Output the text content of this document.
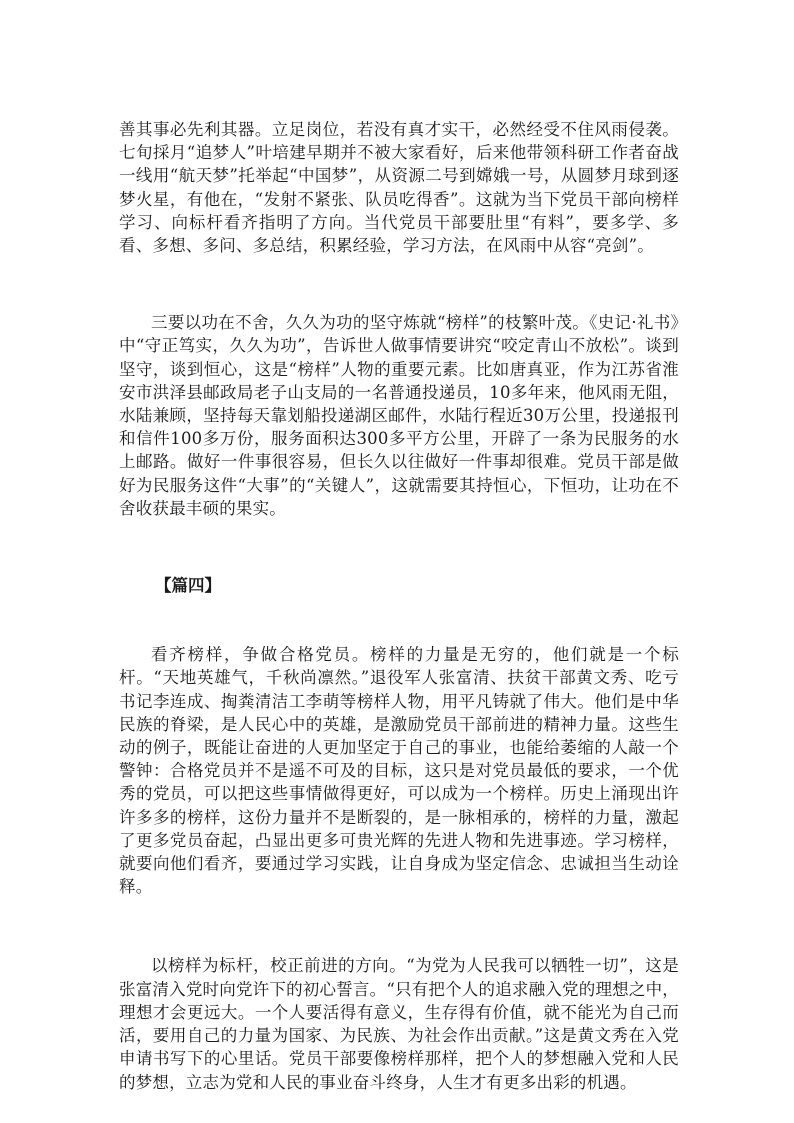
善其事必先利其器。立足岗位，若没有真才实干，必然经受不住风雨侵袭。七旬採月“追梦人”叶培建早期并不被大家看好，后来他带领科研工作者奋战一线用“航天梦”托举起“中国梦”，从资源二号到嫦娥一号，从圆梦月球到逐梦火星，有他在，“发射不紧张、队员吃得香”。这就为当下党员干部向榜样学习、向标杆看齐指明了方向。当代党员干部要肚里“有料”，要多学、多看、多想、多问、多总结，积累经验，学习方法，在风雨中从容“亮剑”。

三要以功在不舍，久久为功的坚守炼就“榜样”的枝繁叶茂。《史记·礼书》中“守正笃实，久久为功”，告诉世人做事情要讲究“咬定青山不放松”。谈到坚守，谈到恒心，这是“榜样”人物的重要元素。比如唐真亚，作为江苏省淮安市洪泽县邮政局老子山支局的一名普通投递员，10多年来，他风雨无阻，水陆兼顾，坚持每天靠划船投递湖区邮件，水陆行程近30万公里，投递报刊和信件100多万份，服务面积达300多平方公里，开辟了一条为民服务的水上邮路。做好一件事很容易，但长久以往做好一件事却很难。党员干部是做好为民服务这件“大事”的“关键人”，这就需要其持恒心，下恒功，让功在不舍收获最丰硕的果实。

【篇四】

看齐榜样，争做合格党员。榜样的力量是无穷的，他们就是一个标杆。“天地英雄气，千秋尚凛然。”退役军人张富清、扶贫干部黄文秀、吃亏书记李连成、掏粪清洁工李萌等榜样人物，用平凡铸就了伟大。他们是中华民族的脊梁，是人民心中的英雄，是激励党员干部前进的精神力量。这些生动的例子，既能让奋进的人更加坚定于自己的事业，也能给萎缩的人敲一个警钟：合格党员并不是遥不可及的目标，这只是对党员最低的要求，一个优秀的党员，可以把这些事情做得更好，可以成为一个榜样。历史上涌现出许许多多的榜样，这份力量并不是断裂的，是一脉相承的，榜样的力量，激起了更多党员奋起，凸显出更多可贵光辉的先进人物和先进事迹。学习榜样，就要向他们看齐，要通过学习实践，让自身成为坚定信念、忠诚担当生动诠释。

以榜样为标杆，校正前进的方向。“为党为人民我可以牺牲一切”，这是张富清入党时向党许下的初心誓言。“只有把个人的追求融入党的理想之中，理想才会更远大。一个人要活得有意义，生存得有价值，就不能光为自己而活，要用自己的力量为国家、为民族、为社会作出贡献。”这是黄文秀在入党申请书写下的心里话。党员干部要像榜样那样，把个人的梦想融入党和人民的梦想，立志为党和人民的事业奋斗终身，人生才有更多出彩的机遇。
